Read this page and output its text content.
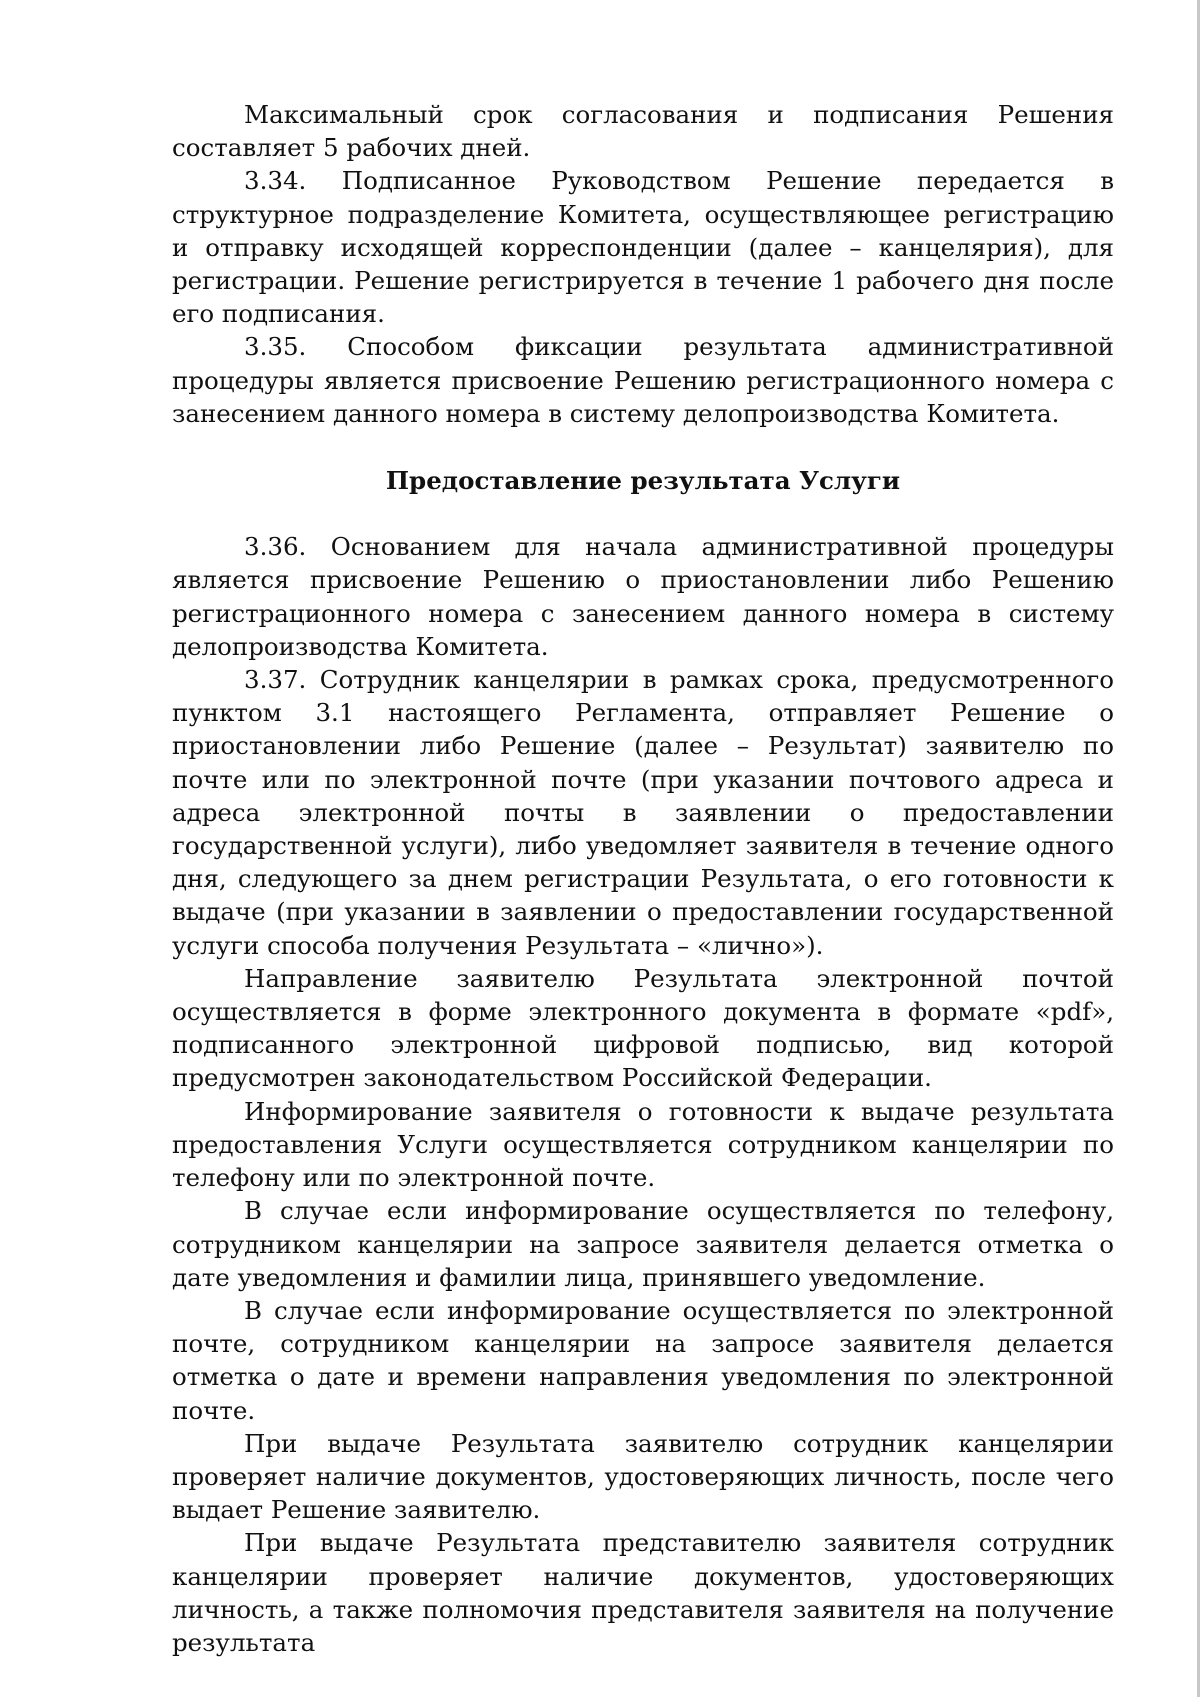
Максимальный срок согласования и подписания Решения составляет 5 рабочих дней.

3.34. Подписанное Руководством Решение передается в структурное подразделение Комитета, осуществляющее регистрацию и отправку исходящей корреспонденции (далее – канцелярия), для регистрации. Решение регистрируется в течение 1 рабочего дня после его подписания.

3.35. Способом фиксации результата административной процедуры является присвоение Решению регистрационного номера с занесением данного номера в систему делопроизводства Комитета.

Предоставление результата Услуги

3.36. Основанием для начала административной процедуры является присвоение Решению о приостановлении либо Решению регистрационного номера с занесением данного номера в систему делопроизводства Комитета.

3.37. Сотрудник канцелярии в рамках срока, предусмотренного пунктом 3.1 настоящего Регламента, отправляет Решение о приостановлении либо Решение (далее – Результат) заявителю по почте или по электронной почте (при указании почтового адреса и адреса электронной почты в заявлении о предоставлении государственной услуги), либо уведомляет заявителя в течение одного дня, следующего за днем регистрации Результата, о его готовности к выдаче (при указании в заявлении о предоставлении государственной услуги способа получения Результата – «лично»).

Направление заявителю Результата электронной почтой осуществляется в форме электронного документа в формате «pdf», подписанного электронной цифровой подписью, вид которой предусмотрен законодательством Российской Федерации.

Информирование заявителя о готовности к выдаче результата предоставления Услуги осуществляется сотрудником канцелярии по телефону или по электронной почте.

В случае если информирование осуществляется по телефону, сотрудником канцелярии на запросе заявителя делается отметка о дате уведомления и фамилии лица, принявшего уведомление.

В случае если информирование осуществляется по электронной почте, сотрудником канцелярии на запросе заявителя делается отметка о дате и времени направления уведомления по электронной почте.

При выдаче Результата заявителю сотрудник канцелярии проверяет наличие документов, удостоверяющих личность, после чего выдает Решение заявителю.

При выдаче Результата представителю заявителя сотрудник канцелярии проверяет наличие документов, удостоверяющих личность, а также полномочия представителя заявителя на получение результата
